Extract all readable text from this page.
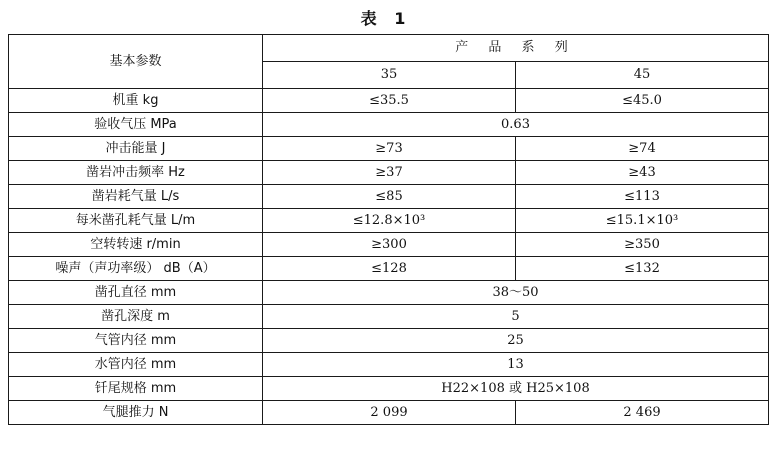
表 1
基本参数	产 品 系 列	
	35	45
机重 kg	≤35.5	≤45.0
验收气压 MPa	0.63	
冲击能量 J	≥73	≥74
凿岩冲击频率 Hz	≥37	≥43
凿岩耗气量 L/s	≤85	≤113
每米凿孔耗气量 L/m	≤12.8×10³	≤15.1×10³
空转转速 r/min	≥300	≥350
噪声（声功率级） dB（A）	≤128	≤132
凿孔直径 mm	38～50	
凿孔深度 m	5	
气管内径 mm	25	
水管内径 mm	13	
钎尾规格 mm	H22×108 或 H25×108	
气腿推力 N	2 099	2 469
